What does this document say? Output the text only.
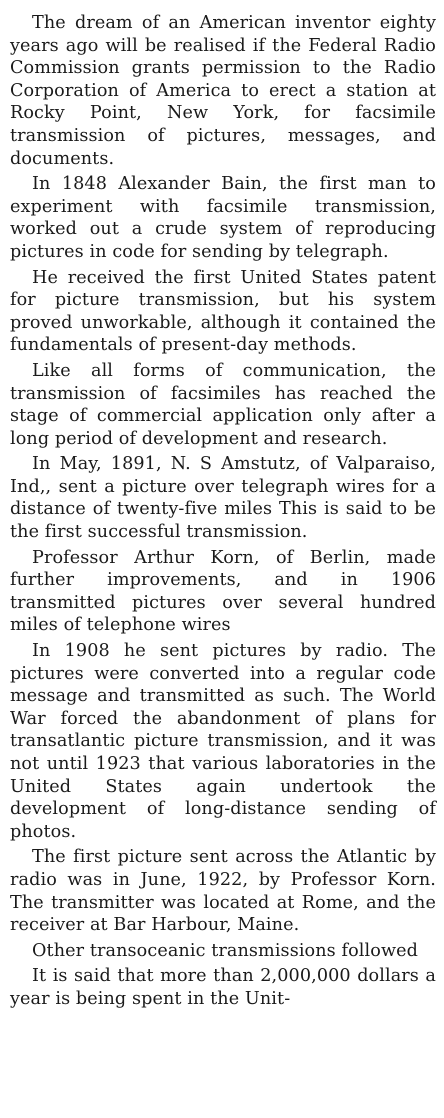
The dream of an American inventor eighty years ago will be realised if the Federal Radio Commission grants permission to the Radio Corporation of America to erect a station at Rocky Point, New York, for facsimile transmission of pictures, messages, and documents.

In 1848 Alexander Bain, the first man to experiment with facsimile transmission, worked out a crude system of reproducing pictures in code for sending by telegraph.

He received the first United States patent for picture transmission, but his system proved unworkable, although it contained the fundamentals of present-day methods.

Like all forms of communication, the transmission of facsimiles has reached the stage of commercial application only after a long period of development and research.

In May, 1891, N. S Amstutz, of Valparaiso, Ind,, sent a picture over telegraph wires for a distance of twenty-five miles This is said to be the first successful transmission.

Professor Arthur Korn, of Berlin, made further improvements, and in 1906 transmitted pictures over several hundred miles of telephone wires

In 1908 he sent pictures by radio. The pictures were converted into a regular code message and transmitted as such. The World War forced the abandonment of plans for transatlantic picture transmission, and it was not until 1923 that various laboratories in the United States again undertook the development of long-distance sending of photos.

The first picture sent across the Atlantic by radio was in June, 1922, by Professor Korn. The transmitter was located at Rome, and the receiver at Bar Harbour, Maine.

Other transoceanic transmissions followed

It is said that more than 2,000,000 dollars a year is being spent in the Unit-
